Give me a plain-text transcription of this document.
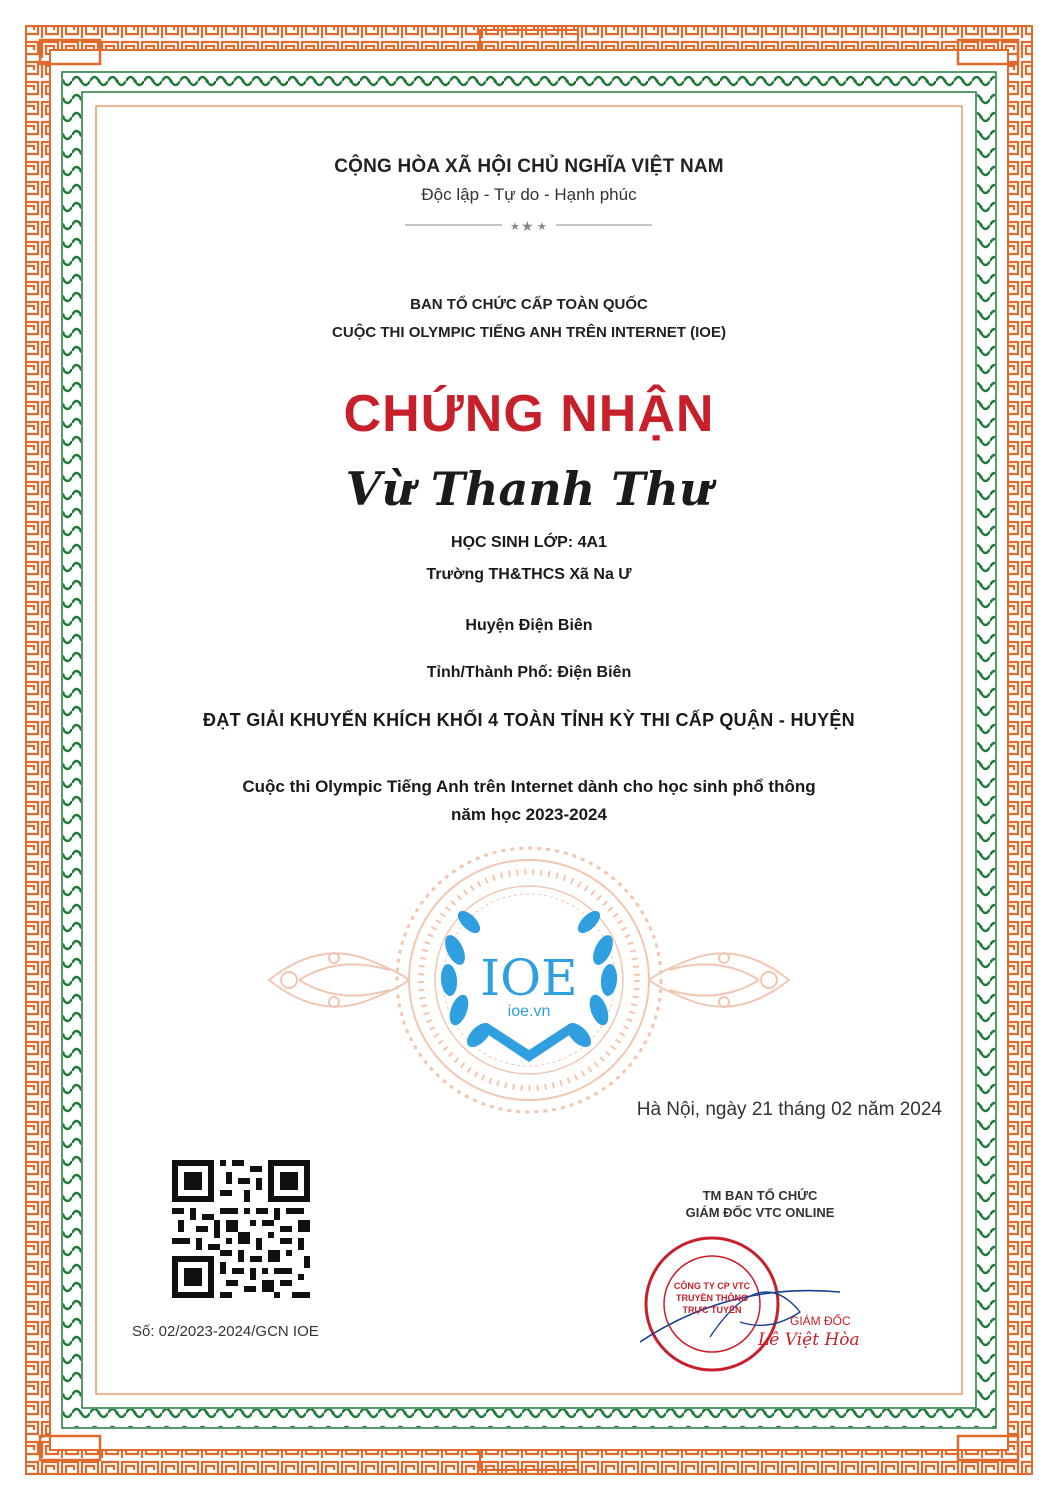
CỘNG HÒA XÃ HỘI CHỦ NGHĨA VIỆT NAM
Độc lập - Tự do - Hạnh phúc
★ ★ ★
BAN TỔ CHỨC CẤP TOÀN QUỐC
CUỘC THI OLYMPIC TIẾNG ANH TRÊN INTERNET (IOE)
CHỨNG NHẬN
Vừ Thanh Thư
HỌC SINH LỚP: 4A1
Trường TH&THCS Xã Na Ư
Huyện Điện Biên
Tỉnh/Thành Phố: Điện Biên
ĐẠT GIẢI KHUYẾN KHÍCH KHỐI 4 TOÀN TỈNH KỲ THI CẤP QUẬN - HUYỆN
Cuộc thi Olympic Tiếng Anh trên Internet dành cho học sinh phổ thông
năm học 2023-2024
IOE
ioe.vn
Hà Nội, ngày 21 tháng 02 năm 2024
Số: 02/2023-2024/GCN IOE
TM BAN TỔ CHỨC
GIÁM ĐỐC VTC ONLINE
CÔNG TY CP VTC TRUYỀN THÔNG TRỰC TUYẾN
GIÁM ĐỐC
Lê Việt Hòa
